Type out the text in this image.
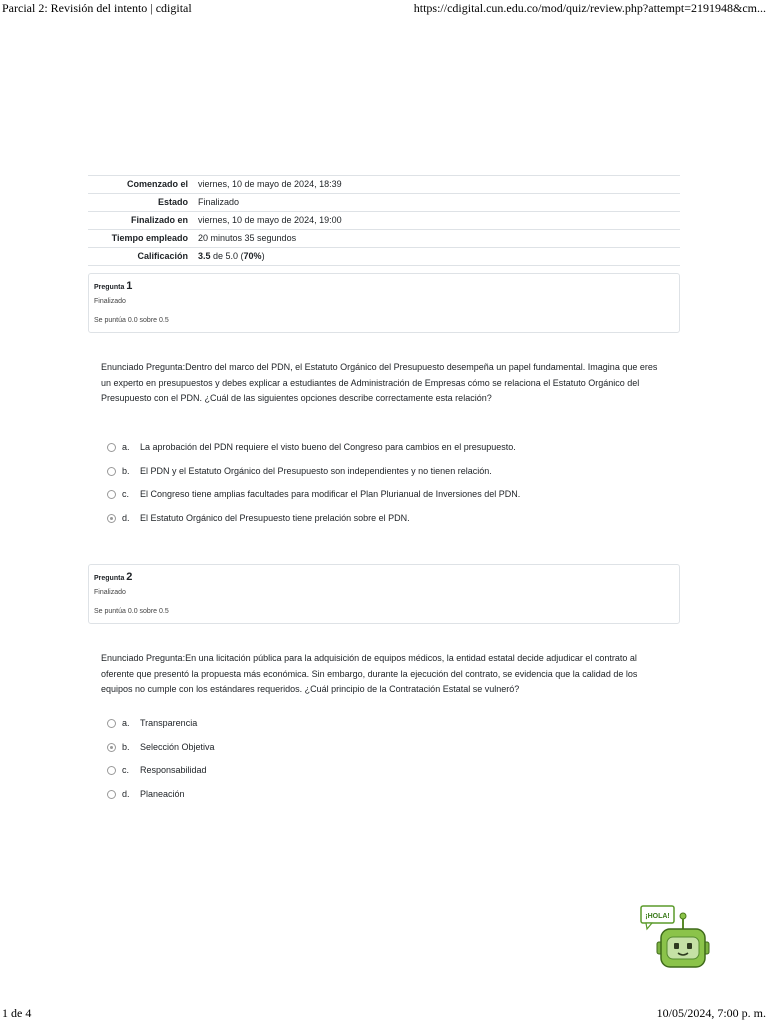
Parcial 2: Revisión del intento | cdigital	https://cdigital.cun.edu.co/mod/quiz/review.php?attempt=2191948&cm...
Comenzado el	viernes, 10 de mayo de 2024, 18:39
Estado	Finalizado
Finalizado en	viernes, 10 de mayo de 2024, 19:00
Tiempo empleado	20 minutos 35 segundos
Calificación	3.5 de 5.0 (70%)
Pregunta 1
Finalizado
Se puntúa 0.0 sobre 0.5
Enunciado Pregunta:Dentro del marco del PDN, el Estatuto Orgánico del Presupuesto desempeña un papel fundamental. Imagina que eres un experto en presupuestos y debes explicar a estudiantes de Administración de Empresas cómo se relaciona el Estatuto Orgánico del Presupuesto con el PDN. ¿Cuál de las siguientes opciones describe correctamente esta relación?
a. La aprobación del PDN requiere el visto bueno del Congreso para cambios en el presupuesto.
b. El PDN y el Estatuto Orgánico del Presupuesto son independientes y no tienen relación.
c. El Congreso tiene amplias facultades para modificar el Plan Plurianual de Inversiones del PDN.
d. El Estatuto Orgánico del Presupuesto tiene prelación sobre el PDN.
Pregunta 2
Finalizado
Se puntúa 0.0 sobre 0.5
Enunciado Pregunta:En una licitación pública para la adquisición de equipos médicos, la entidad estatal decide adjudicar el contrato al oferente que presentó la propuesta más económica. Sin embargo, durante la ejecución del contrato, se evidencia que la calidad de los equipos no cumple con los estándares requeridos. ¿Cuál principio de la Contratación Estatal se vulneró?
a. Transparencia
b. Selección Objetiva
c. Responsabilidad
d. Planeación
¡HOLA!
1 de 4	10/05/2024, 7:00 p. m.
